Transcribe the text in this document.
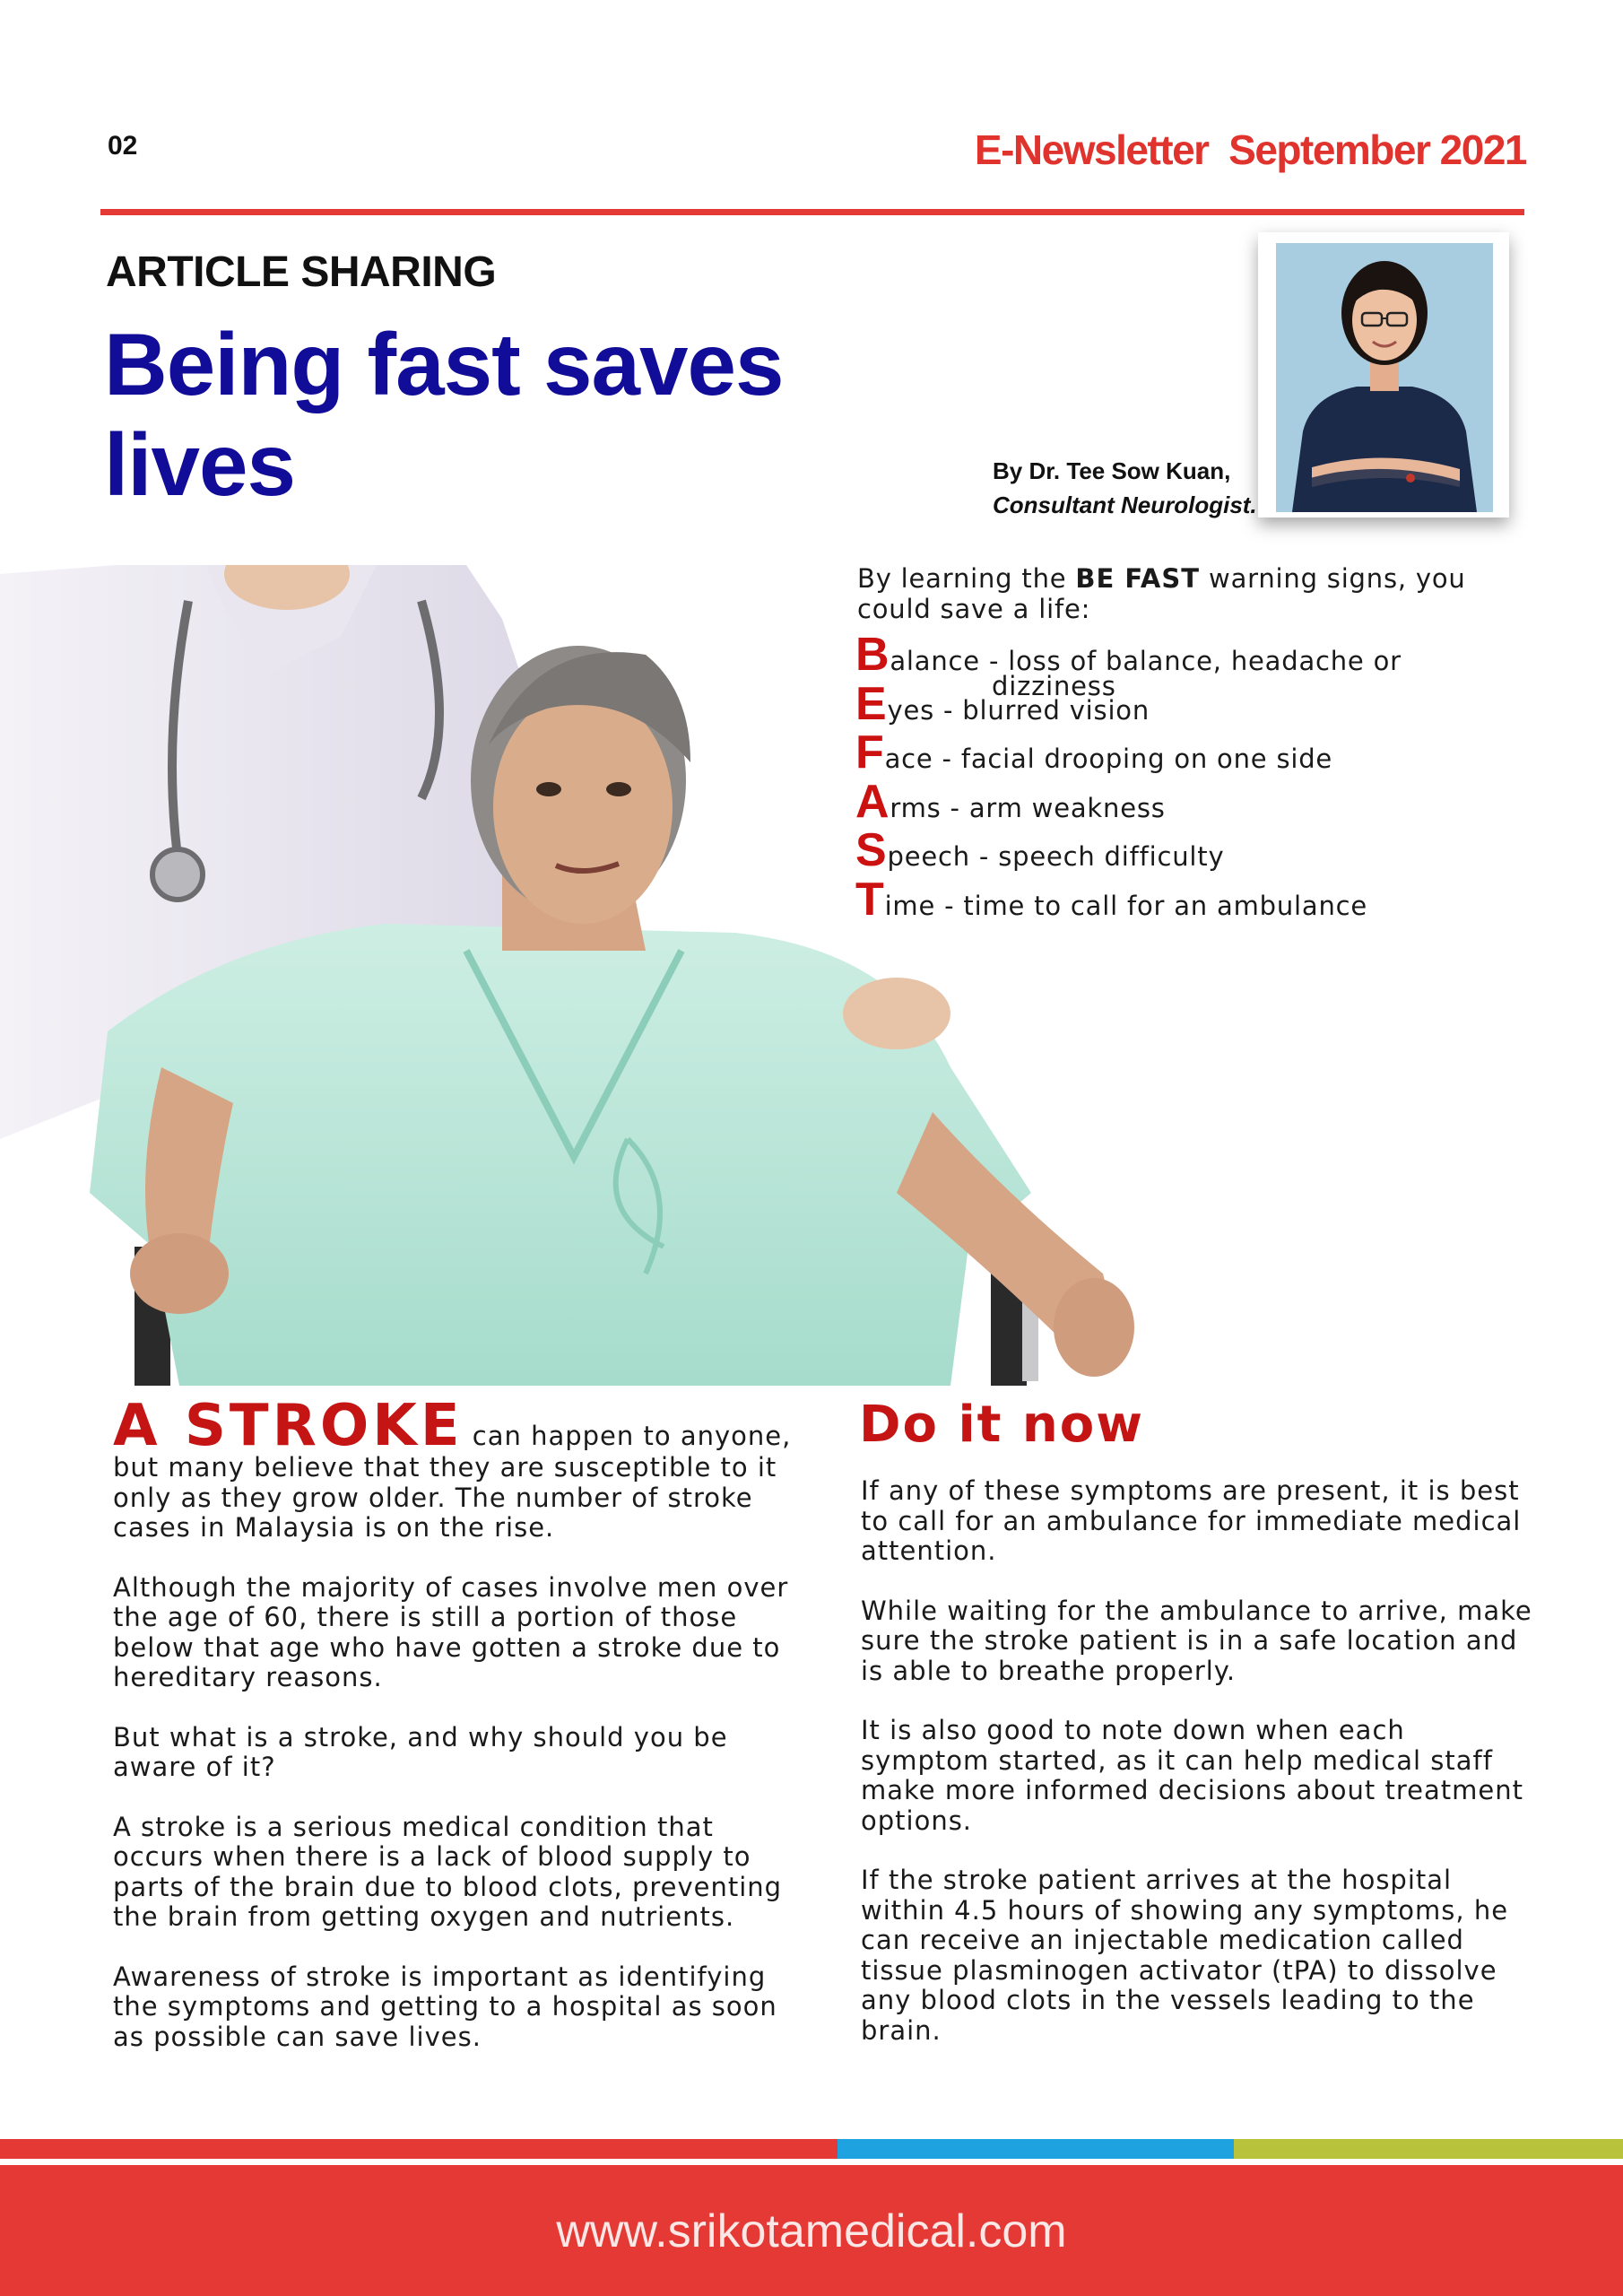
02	E-Newsletter  September 2021
ARTICLE SHARING
Being fast saves lives	By Dr. Tee Sow Kuan,
Consultant Neurologist.

By learning the BE FAST warning signs, you could save a life:

Balance - loss of balance, headache or
dizziness
Eyes - blurred vision
Face - facial drooping on one side
Arms - arm weakness
Speech - speech difficulty
Time - time to call for an ambulance

A STROKE can happen to anyone, but many believe that they are susceptible to it only as they grow older. The number of stroke cases in Malaysia is on the rise.

Although the majority of cases involve men over the age of 60, there is still a portion of those below that age who have gotten a stroke due to hereditary reasons.

But what is a stroke, and why should you be aware of it?

A stroke is a serious medical condition that occurs when there is a lack of blood supply to parts of the brain due to blood clots, preventing the brain from getting oxygen and nutrients.

Awareness of stroke is important as identifying the symptoms and getting to a hospital as soon as possible can save lives.

Do it now

If any of these symptoms are present, it is best to call for an ambulance for immediate medical attention.

While waiting for the ambulance to arrive, make sure the stroke patient is in a safe location and is able to breathe properly.

It is also good to note down when each symptom started, as it can help medical staff make more informed decisions about treatment options.

If the stroke patient arrives at the hospital within 4.5 hours of showing any symptoms, he can receive an injectable medication called tissue plasminogen activator (tPA) to dissolve any blood clots in the vessels leading to the brain.

www.srikotamedical.com
